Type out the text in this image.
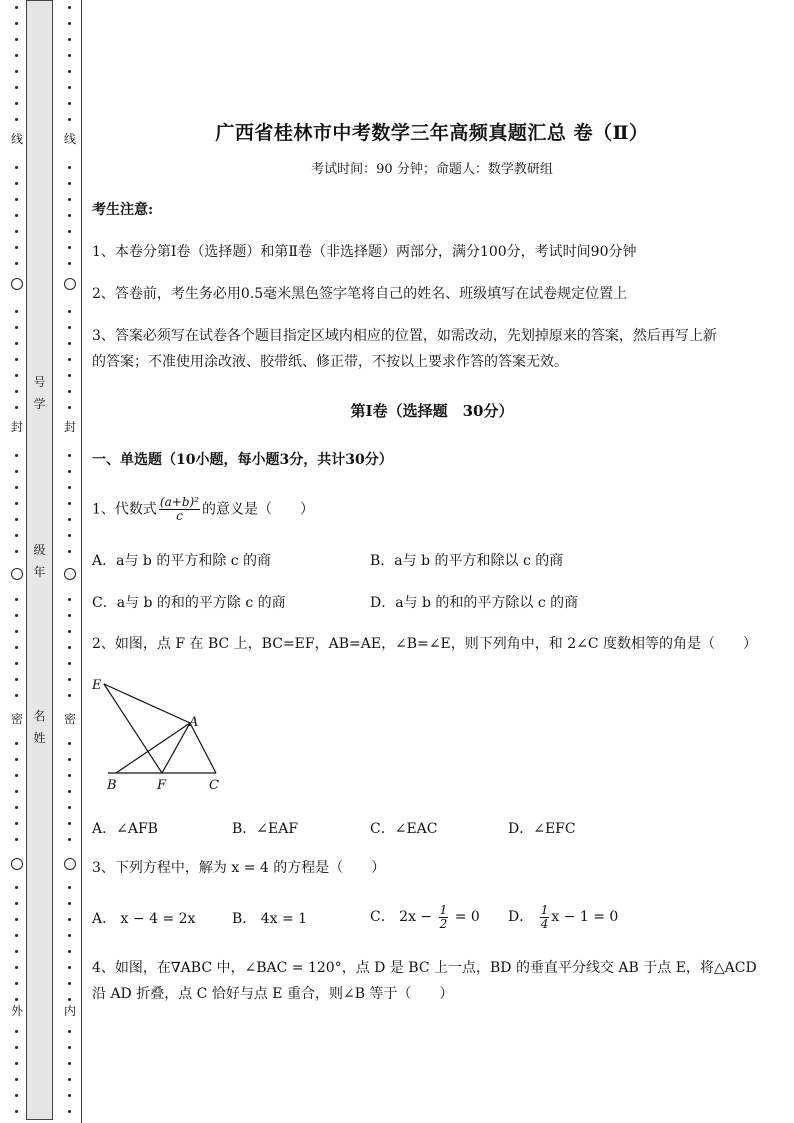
线
封
密
外
线
封
密
内
号
学
级
年
名
姓
广西省桂林市中考数学三年高频真题汇总 卷（Ⅱ）
考试时间：90 分钟；命题人：数学教研组
考生注意:
1、本卷分第I卷（选择题）和第Ⅱ卷（非选择题）两部分，满分100分，考试时间90分钟
2、答卷前，考生务必用0.5毫米黑色签字笔将自己的姓名、班级填写在试卷规定位置上
3、答案必须写在试卷各个题目指定区域内相应的位置，如需改动，先划掉原来的答案，然后再写上新
的答案；不准使用涂改液、胶带纸、修正带，不按以上要求作答的答案无效。
第I卷（选择题　30分）
一、单选题（10小题，每小题3分，共计30分）
1、代数式 $\frac{\text{(a+b)²}}{c}$ 的意义是（　　）
A．a与 b 的平方和除 c 的商	B．a与 b 的平方和除以 c 的商
C．a与 b 的和的平方除 c 的商	D．a与 b 的和的平方除以 c 的商
2、如图，点 F 在 BC 上，BC=EF，AB=AE，∠B=∠E，则下列角中，和 2∠C 度数相等的角是（　　）
E
A
B	F	C
A．∠AFB	B．∠EAF	C．∠EAC	D．∠EFC
3、下列方程中，解为 x = 4 的方程是（　　）
A． x − 4 = 2x	B． 4x = 1	C． $2x - \frac{1}{2} = 0$ D． $\frac{1}{4}$ x − 1 = 0
4、如图，在∇ABC 中，∠BAC = 120°，点 D 是 BC 上一点，BD 的垂直平分线交 AB 于点 E，将△ACD
沿 AD 折叠，点 C 恰好与点 E 重合，则∠B 等于（　　）
